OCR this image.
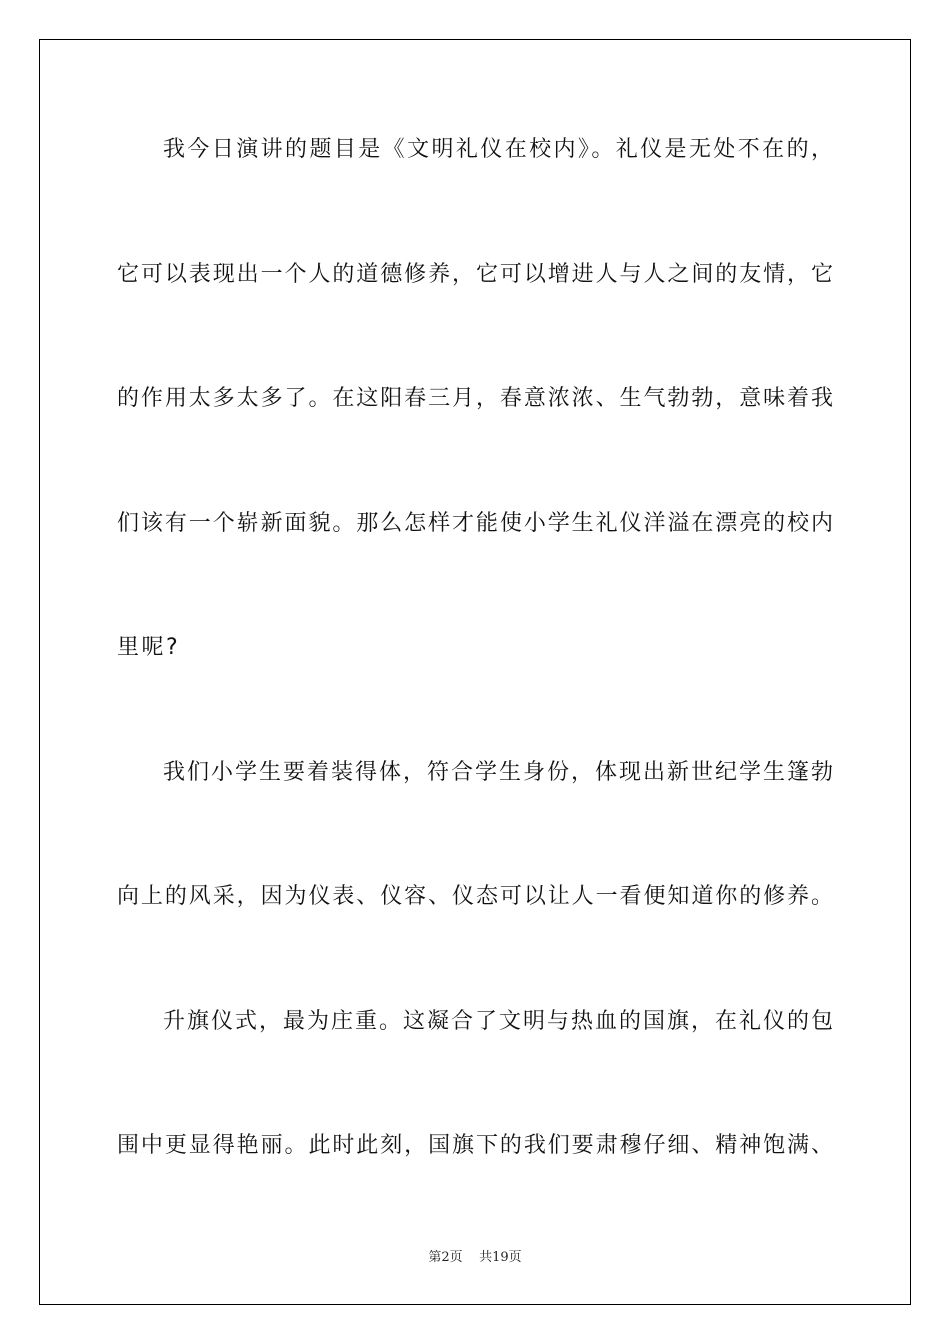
我今日演讲的题目是《文明礼仪在校内》。礼仪是无处不在的，
它可以表现出一个人的道德修养，它可以增进人与人之间的友情，它
的作用太多太多了。在这阳春三月，春意浓浓、生气勃勃，意味着我
们该有一个崭新面貌。那么怎样才能使小学生礼仪洋溢在漂亮的校内
里呢?
我们小学生要着装得体，符合学生身份，体现出新世纪学生篷勃
向上的风采，因为仪表、仪容、仪态可以让人一看便知道你的修养。
升旗仪式，最为庄重。这凝合了文明与热血的国旗，在礼仪的包
围中更显得艳丽。此时此刻，国旗下的我们要肃穆仔细、精神饱满、
第2页 共19页
